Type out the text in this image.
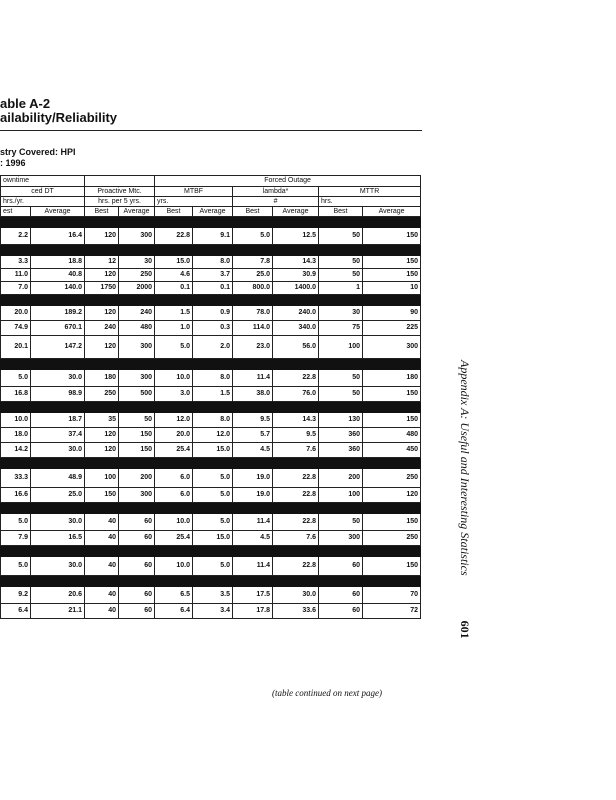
able A-2
ailability/Reliability
stry Covered: HPI
: 1996
owntime				Forced Outage					
ced DT		Proactive Mtc.		MTBF		lambda*		MTTR	
hrs./yr.		hrs. per 5 yrs.		yrs.		#		hrs.	
est	Average	Best	Average	Best	Average	Best	Average	Best	Average

2.2	16.4	120	300	22.8	9.1	5.0	12.5	50	150

3.3	18.8	12	30	15.0	8.0	7.8	14.3	50	150
11.0	40.8	120	250	4.6	3.7	25.0	30.9	50	150
7.0	140.0	1750	2000	0.1	0.1	800.0	1400.0	1	10

20.0	189.2	120	240	1.5	0.9	78.0	240.0	30	90
74.9	670.1	240	480	1.0	0.3	114.0	340.0	75	225
20.1	147.2	120	300	5.0	2.0	23.0	56.0	100	300

5.0	30.0	180	300	10.0	8.0	11.4	22.8	50	180
16.8	98.9	250	500	3.0	1.5	38.0	76.0	50	150

10.0	18.7	35	50	12.0	8.0	9.5	14.3	130	150
18.0	37.4	120	150	20.0	12.0	5.7	9.5	360	480
14.2	30.0	120	150	25.4	15.0	4.5	7.6	360	450

33.3	48.9	100	200	6.0	5.0	19.0	22.8	200	250
16.6	25.0	150	300	6.0	5.0	19.0	22.8	100	120

5.0	30.0	40	60	10.0	5.0	11.4	22.8	50	150
7.9	16.5	40	60	25.4	15.0	4.5	7.6	300	250

5.0	30.0	40	60	10.0	5.0	11.4	22.8	60	150

9.2	20.6	40	60	6.5	3.5	17.5	30.0	60	70
6.4	21.1	40	60	6.4	3.4	17.8	33.6	60	72
Appendix A: Useful and Interesting Statistics 601
(table continued on next page)
